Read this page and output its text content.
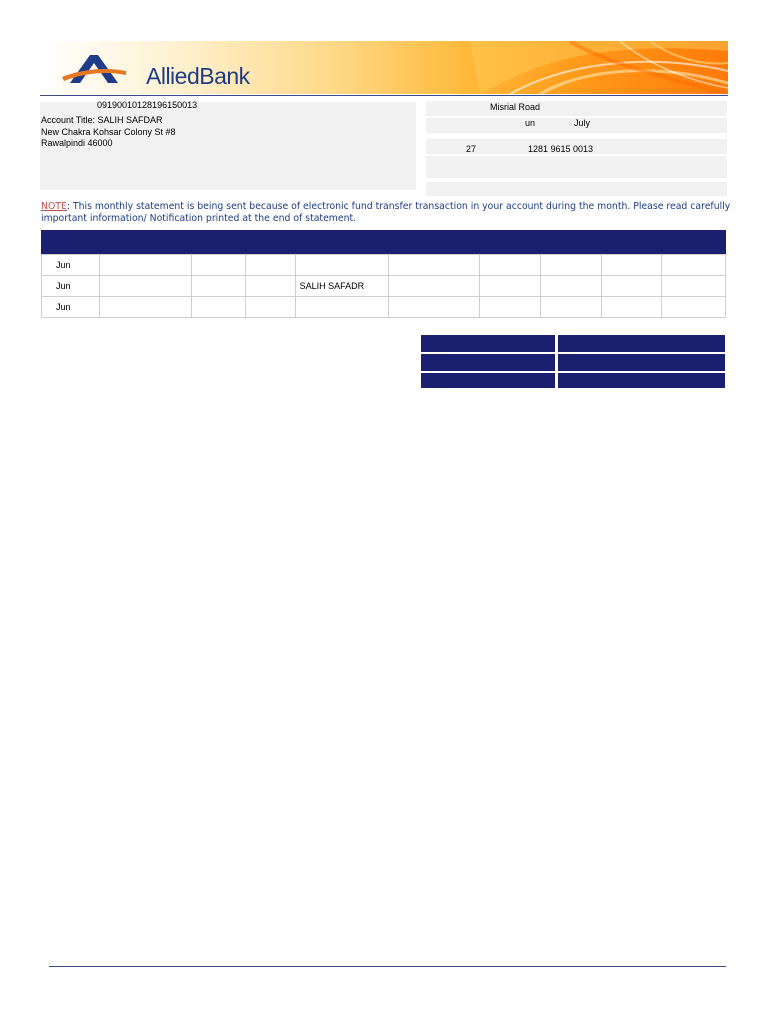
AlliedBank
09190010128196150013
Account Title: SALIH SAFDAR
New Chakra Kohsar Colony St #8
Rawalpindi 46000
Misrial Road
un	July
27	1281 9615 0013
NOTE: This monthly statement is being sent because of electronic fund transfer transaction in your account during the month. Please read carefully important information/ Notification printed at the end of statement.
Jun									
Jun				SALIH SAFADR					
Jun									
